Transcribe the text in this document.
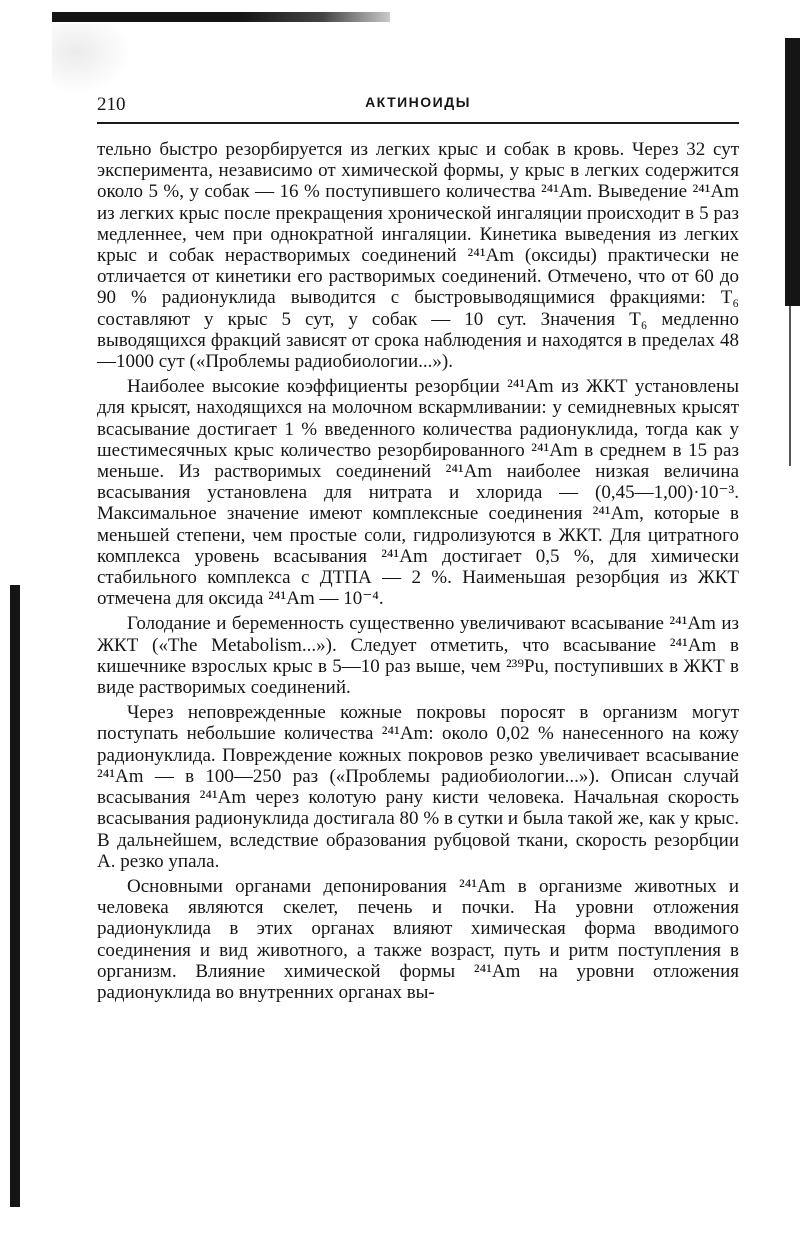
210	АКТИНОИДЫ

тельно быстро резорбируется из легких крыс и собак в кровь. Через 32 сут эксперимента, независимо от химической формы, у крыс в легких содержится около 5 %, у собак — 16 % поступившего количества ²⁴¹Am. Выведение ²⁴¹Am из легких крыс после прекращения хронической ингаляции происходит в 5 раз медленнее, чем при однократной ингаляции. Кинетика выведения из легких крыс и собак нерастворимых соединений ²⁴¹Am (оксиды) практически не отличается от кинетики его растворимых соединений. Отмечено, что от 60 до 90 % радионуклида выводится с быстровыводящимися фракциями: T₆ составляют у крыс 5 сут, у собак — 10 сут. Значения T₆ медленно выводящихся фракций зависят от срока наблюдения и находятся в пределах 48—1000 сут («Проблемы радиобиологии...»).

Наиболее высокие коэффициенты резорбции ²⁴¹Am из ЖКТ установлены для крысят, находящихся на молочном вскармливании: у семидневных крысят всасывание достигает 1 % введенного количества радионуклида, тогда как у шестимесячных крыс количество резорбированного ²⁴¹Am в среднем в 15 раз меньше. Из растворимых соединений ²⁴¹Am наиболее низкая величина всасывания установлена для нитрата и хлорида — (0,45—1,00)·10⁻³. Максимальное значение имеют комплексные соединения ²⁴¹Am, которые в меньшей степени, чем простые соли, гидролизуются в ЖКТ. Для цитратного комплекса уровень всасывания ²⁴¹Am достигает 0,5 %, для химически стабильного комплекса с ДТПА — 2 %. Наименьшая резорбция из ЖКТ отмечена для оксида ²⁴¹Am — 10⁻⁴.

Голодание и беременность существенно увеличивают всасывание ²⁴¹Am из ЖКТ («The Metabolism...»). Следует отметить, что всасывание ²⁴¹Am в кишечнике взрослых крыс в 5—10 раз выше, чем ²³⁹Pu, поступивших в ЖКТ в виде растворимых соединений.

Через неповрежденные кожные покровы поросят в организм могут поступать небольшие количества ²⁴¹Am: около 0,02 % нанесенного на кожу радионуклида. Повреждение кожных покровов резко увеличивает всасывание ²⁴¹Am — в 100—250 раз («Проблемы радиобиологии...»). Описан случай всасывания ²⁴¹Am через колотую рану кисти человека. Начальная скорость всасывания радионуклида достигала 80 % в сутки и была такой же, как у крыс. В дальнейшем, вследствие образования рубцовой ткани, скорость резорбции А. резко упала.

Основными органами депонирования ²⁴¹Am в организме животных и человека являются скелет, печень и почки. На уровни отложения радионуклида в этих органах влияют химическая форма вводимого соединения и вид животного, а также возраст, путь и ритм поступления в организм. Влияние химической формы ²⁴¹Am на уровни отложения радионуклида во внутренних органах вы-
